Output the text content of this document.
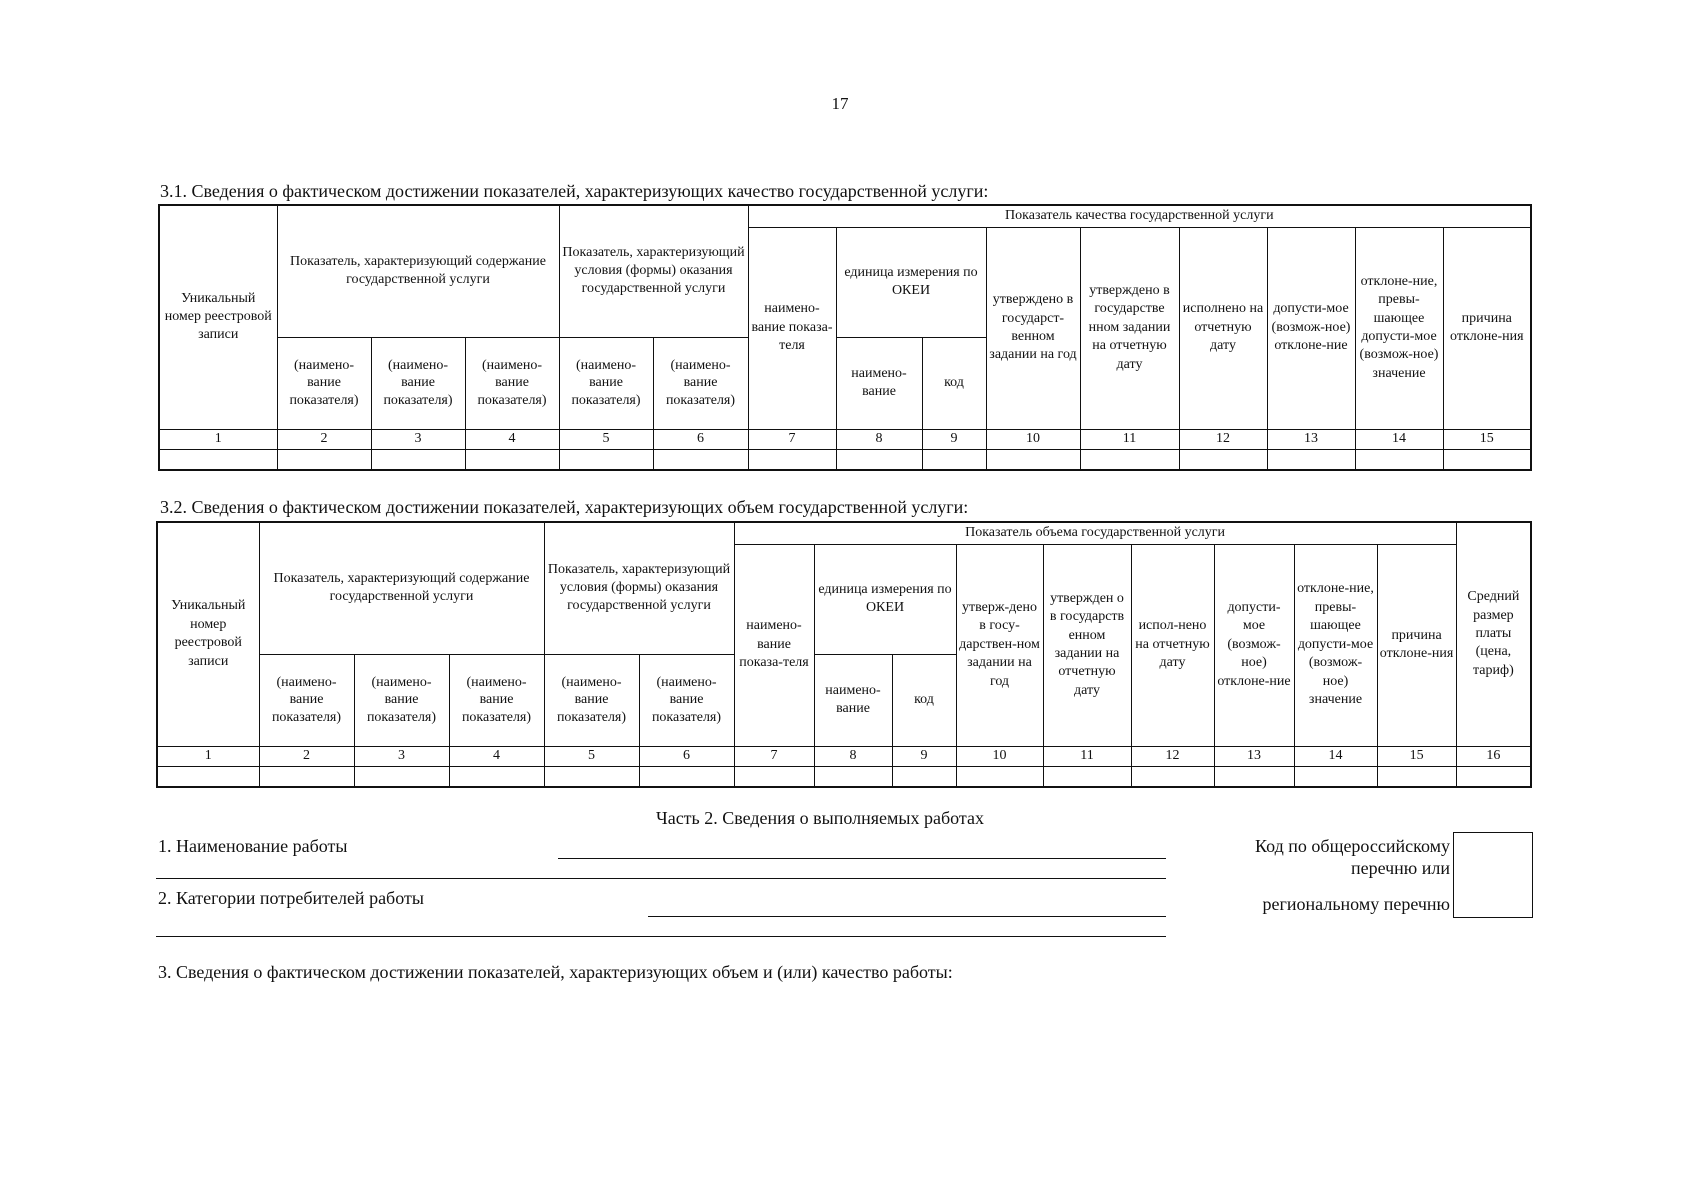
17
3.1. Сведения о фактическом достижении показателей, характеризующих качество государственной услуги:
Уникальный номер реестровой записи	Показатель, характеризующий содержание государственной услуги			Показатель, характеризующий условия (формы) оказания государственной услуги		Показатель качества государственной услуги								
						наимено-вание показа-теля	единица измерения по ОКЕИ		утверждено в государст-венном задании на год	утверждено в государстве нном задании на отчетную дату	исполнено на отчетную дату	допусти-мое (возмож-ное) отклоне-ние	отклоне-ние, превы-шающее допусти-мое (возмож-ное) значение	причина отклоне-ния
	(наимено-вание показателя)	(наимено-вание показателя)	(наимено-вание показателя)	(наимено-вание показателя)	(наимено-вание показателя)		наимено-вание	код						
1	2	3	4	5	6	7	8	9	10	11	12	13	14	15

3.2. Сведения о фактическом достижении показателей, характеризующих объем государственной услуги:
Уникальный номер реестровой записи	Показатель, характеризующий содержание государственной услуги			Показатель, характеризующий условия (формы) оказания государственной услуги		Показатель объема государственной услуги									Средний размер платы (цена, тариф)
						наимено-вание показа-теля	единица измерения по ОКЕИ		утверж-дено в госу-дарствен-ном задании на год	утвержден о в государств енном задании на отчетную дату	испол-нено на отчетную дату	допусти-мое (возмож-ное) отклоне-ние	отклоне-ние, превы-шающее допусти-мое (возмож-ное) значение	причина отклоне-ния	
	(наимено-вание показателя)	(наимено-вание показателя)	(наимено-вание показателя)	(наимено-вание показателя)	(наимено-вание показателя)		наимено-вание	код							
1	2	3	4	5	6	7	8	9	10	11	12	13	14	15	16

Часть 2. Сведения о выполняемых работах
1. Наименование работы
2. Категории потребителей работы
Код по общероссийскому
перечню или
региональному перечню
3. Сведения о фактическом достижении показателей, характеризующих объем и (или) качество работы:
